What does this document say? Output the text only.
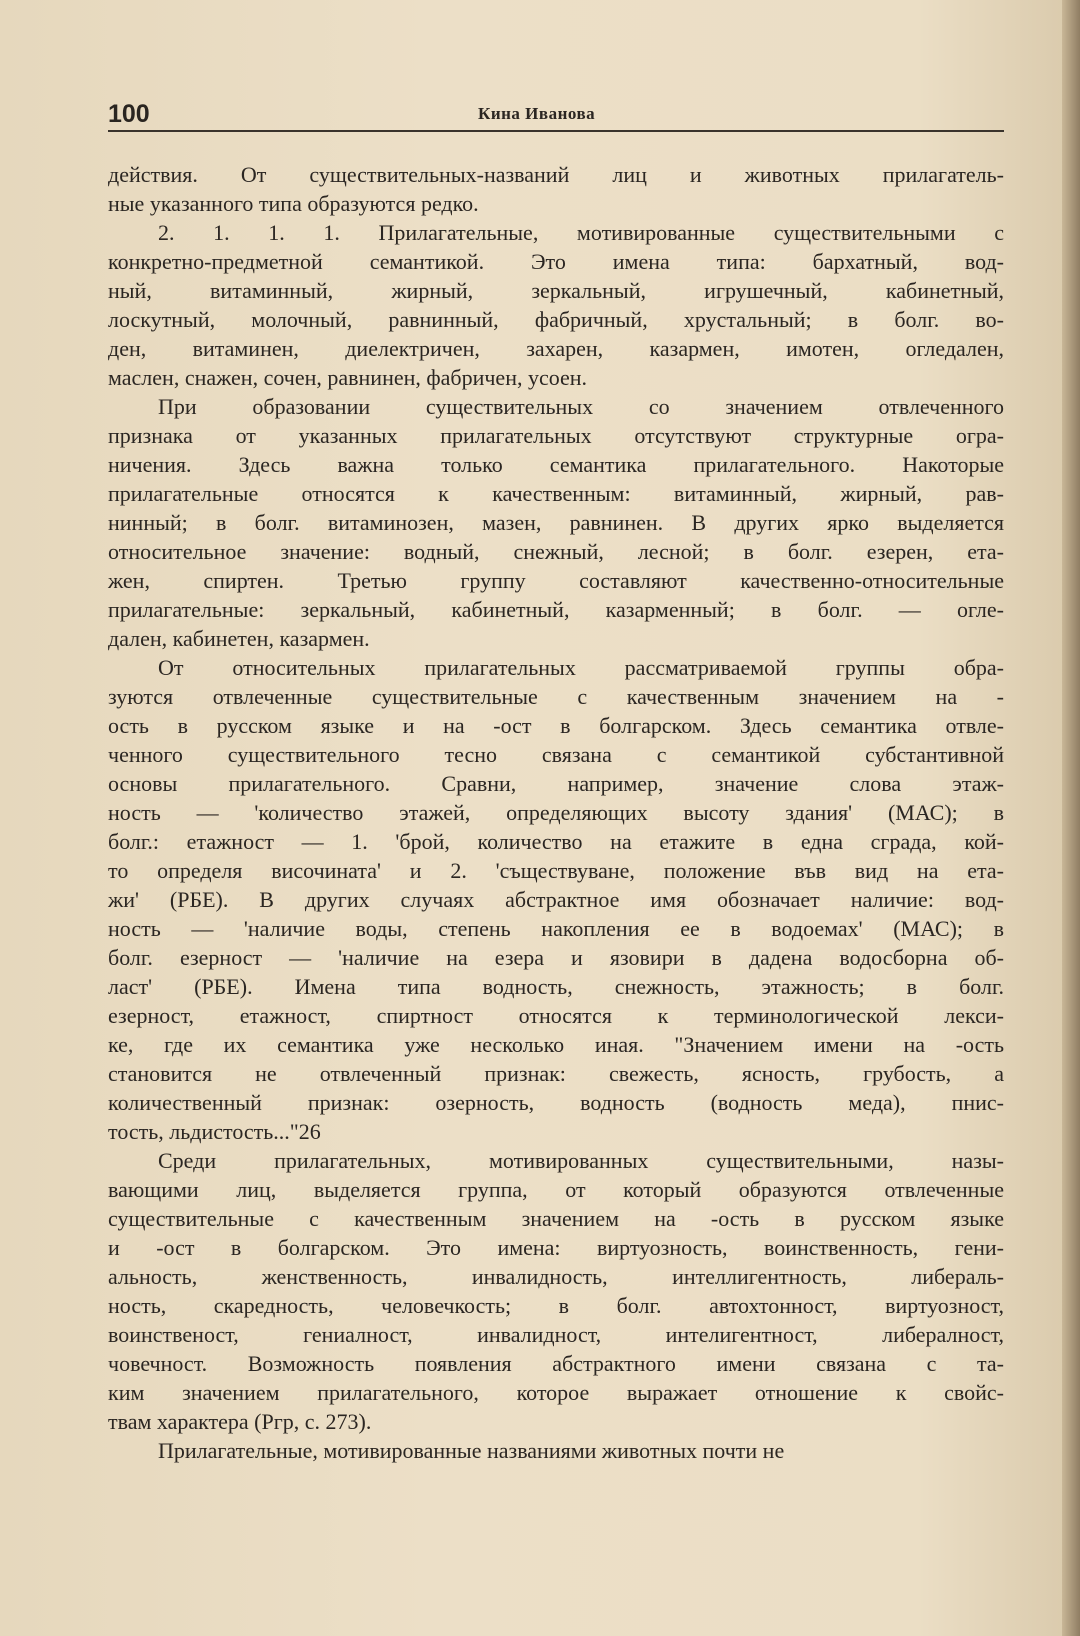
100	Кина Иванова
действия. От существительных-названий лиц и животных прилагатель-
ные указанного типа образуются редко.
2. 1. 1. 1. Прилагательные, мотивированные существительными с
конкретно-предметной семантикой. Это имена типа: бархатный, вод-
ный, витаминный, жирный, зеркальный, игрушечный, кабинетный,
лоскутный, молочный, равнинный, фабричный, хрустальный; в болг. во-
ден, витаминен, диелектричен, захарен, казармен, имотен, огледален,
маслен, снажен, сочен, равнинен, фабричен, усоен.
При образовании существительных со значением отвлеченного
признака от указанных прилагательных отсутствуют структурные огра-
ничения. Здесь важна только семантика прилагательного. Накоторые
прилагательные относятся к качественным: витаминный, жирный, рав-
нинный; в болг. витаминозен, мазен, равнинен. В других ярко выделяется
относительное значение: водный, снежный, лесной; в болг. езерен, ета-
жен, спиртен. Третью группу составляют качественно-относительные
прилагательные: зеркальный, кабинетный, казарменный; в болг. — огле-
дален, кабинетен, казармен.
От относительных прилагательных рассматриваемой группы обра-
зуются отвлеченные существительные с качественным значением на -
ость в русском языке и на -ост в болгарском. Здесь семантика отвле-
ченного существительного тесно связана с семантикой субстантивной
основы прилагательного. Сравни, например, значение слова этаж-
ность — 'количество этажей, определяющих высоту здания' (МАС); в
болг.: етажност — 1. 'брой, количество на етажите в една сграда, кой-
то определя височината' и 2. 'съществуване, положение във вид на ета-
жи' (РБЕ). В других случаях абстрактное имя обозначает наличие: вод-
ность — 'наличие воды, степень накопления ее в водоемах' (МАС); в
болг. езерност — 'наличие на езера и язовири в дадена водосборна об-
ласт' (РБЕ). Имена типа водность, снежность, этажность; в болг.
езерност, етажност, спиртност относятся к терминологической лекси-
ке, где их семантика уже несколько иная. "Значением имени на -ость
становится не отвлеченный признак: свежесть, ясность, грубость, а
количественный признак: озерность, водность (водность меда), пнис-
тость, льдистость..."26
Среди прилагательных, мотивированных существительными, назы-
вающими лиц, выделяется группа, от который образуются отвлеченные
существительные с качественным значением на -ость в русском языке
и -ост в болгарском. Это имена: виртуозность, воинственность, гени-
альность, женственность, инвалидность, интеллигентность, либераль-
ность, скаредность, человечкость; в болг. автохтонност, виртуозност,
воинственост, гениалност, инвалидност, интелигентност, либералност,
човечност. Возможность появления абстрактного имени связана с та-
ким значением прилагательного, которое выражает отношение к свойс-
твам характера (Ргр, с. 273).
Прилагательные, мотивированные названиями животных почти не
